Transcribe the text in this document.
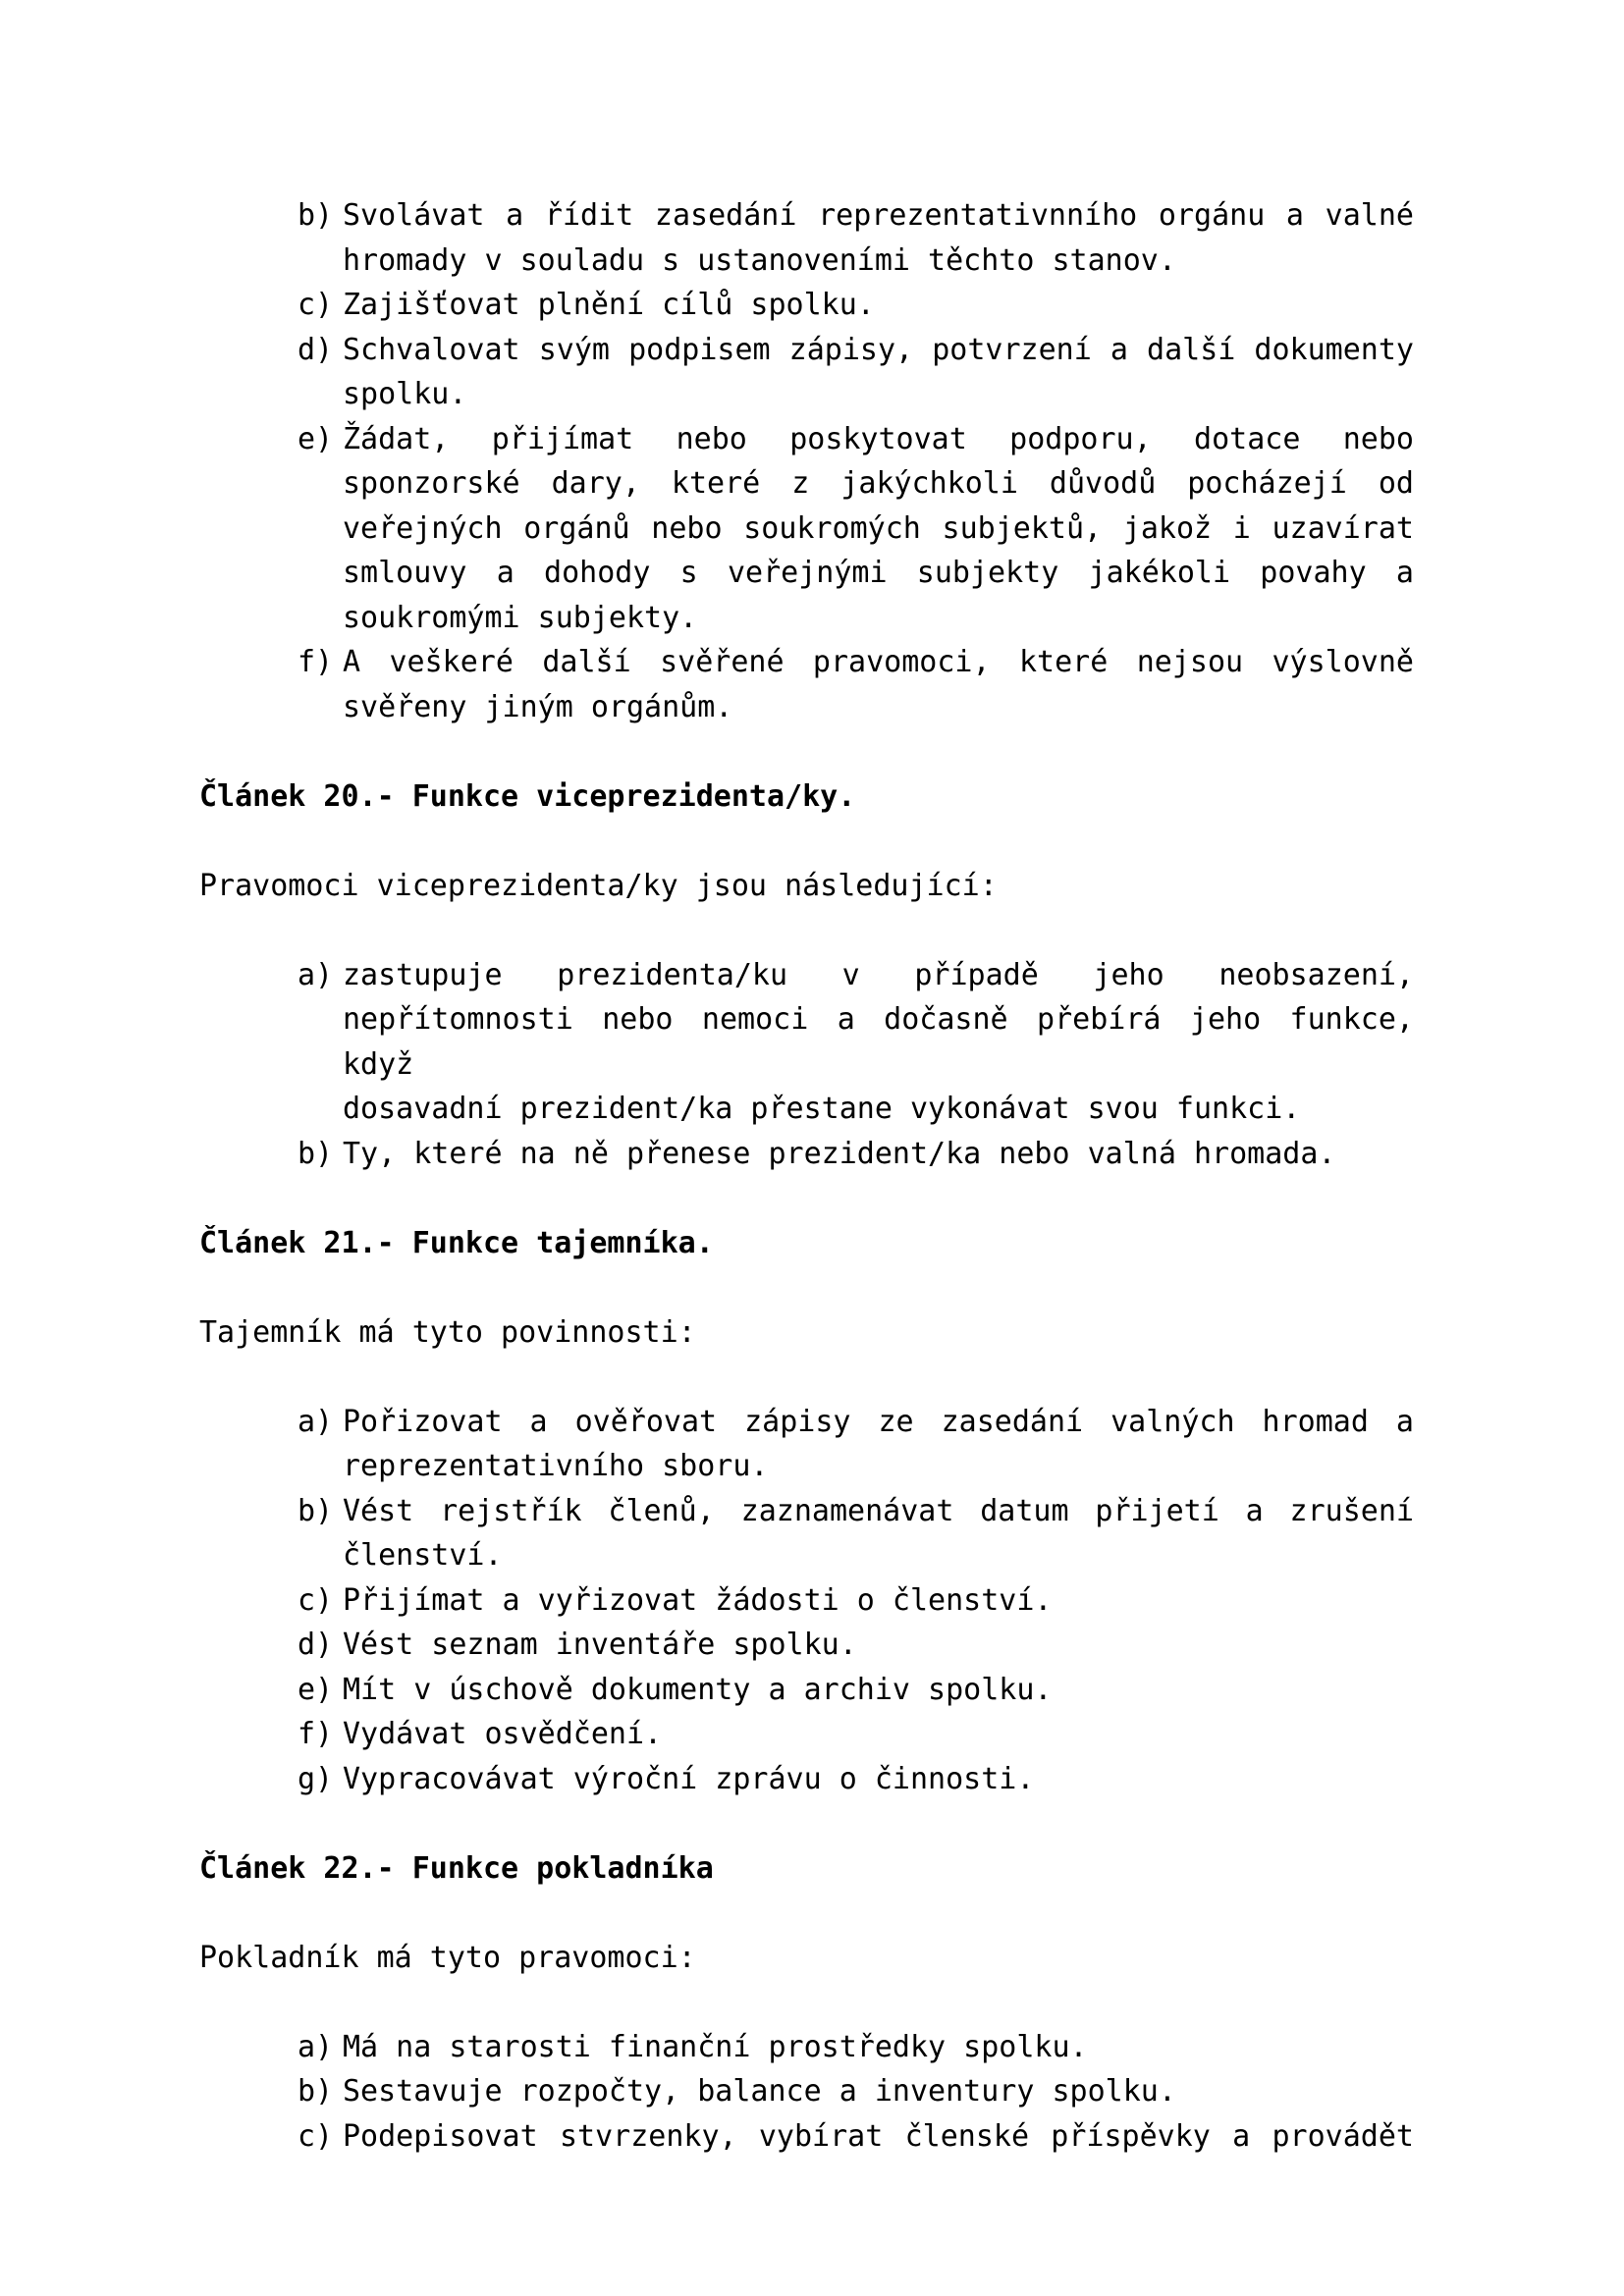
b) Svolávat a řídit zasedání reprezentativnního orgánu a valné
hromady v souladu s ustanoveními těchto stanov.
c) Zajišťovat plnění cílů spolku.
d) Schvalovat svým podpisem zápisy, potvrzení a další dokumenty
spolku.
e) Žádat, přijímat nebo poskytovat podporu, dotace nebo
sponzorské dary, které z jakýchkoli důvodů pocházejí od
veřejných orgánů nebo soukromých subjektů, jakož i uzavírat
smlouvy a dohody s veřejnými subjekty jakékoli povahy a
soukromými subjekty.
f) A veškeré další svěřené pravomoci, které nejsou výslovně
svěřeny jiným orgánům.
Článek 20.- Funkce viceprezidenta/ky.
Pravomoci viceprezidenta/ky jsou následující:
a) zastupuje prezidenta/ku v případě jeho neobsazení,
nepřítomnosti nebo nemoci a dočasně přebírá jeho funkce, když
dosavadní prezident/ka přestane vykonávat svou funkci.
b) Ty, které na ně přenese prezident/ka nebo valná hromada.
Článek 21.- Funkce tajemníka.
Tajemník má tyto povinnosti:
a) Pořizovat a ověřovat zápisy ze zasedání valných hromad a
reprezentativního sboru.
b) Vést rejstřík členů, zaznamenávat datum přijetí a zrušení
členství.
c) Přijímat a vyřizovat žádosti o členství.
d) Vést seznam inventáře spolku.
e) Mít v úschově dokumenty a archiv spolku.
f) Vydávat osvědčení.
g) Vypracovávat výroční zprávu o činnosti.
Článek 22.- Funkce pokladníka
Pokladník má tyto pravomoci:
a) Má na starosti finanční prostředky spolku.
b) Sestavuje rozpočty, balance a inventury spolku.
c) Podepisovat stvrzenky, vybírat členské příspěvky a provádět
